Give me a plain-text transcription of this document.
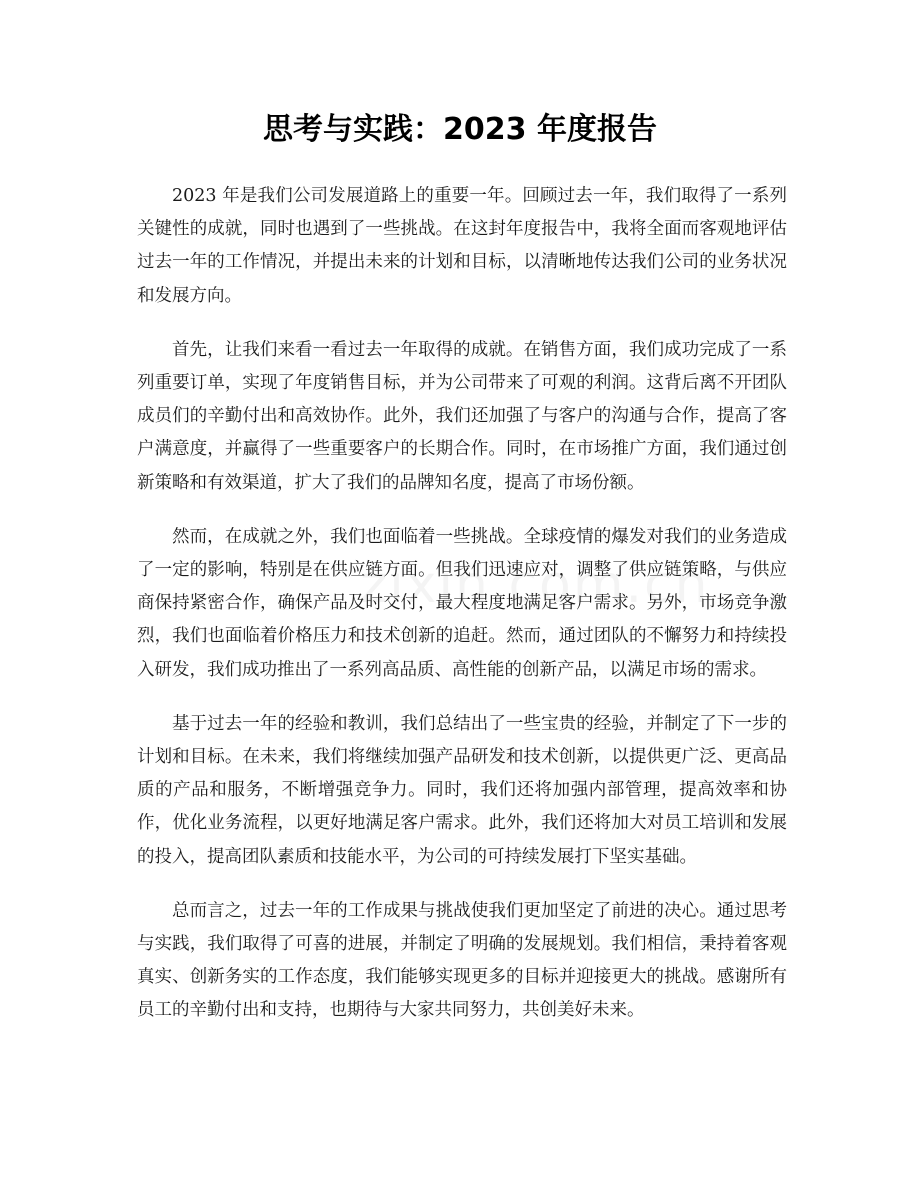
思考与实践：2023 年度报告

2023 年是我们公司发展道路上的重要一年。回顾过去一年，我们取得了一系列关键性的成就，同时也遇到了一些挑战。在这封年度报告中，我将全面而客观地评估过去一年的工作情况，并提出未来的计划和目标，以清晰地传达我们公司的业务状况和发展方向。

首先，让我们来看一看过去一年取得的成就。在销售方面，我们成功完成了一系列重要订单，实现了年度销售目标，并为公司带来了可观的利润。这背后离不开团队成员们的辛勤付出和高效协作。此外，我们还加强了与客户的沟通与合作，提高了客户满意度，并赢得了一些重要客户的长期合作。同时，在市场推广方面，我们通过创新策略和有效渠道，扩大了我们的品牌知名度，提高了市场份额。

然而，在成就之外，我们也面临着一些挑战。全球疫情的爆发对我们的业务造成了一定的影响，特别是在供应链方面。但我们迅速应对，调整了供应链策略，与供应商保持紧密合作，确保产品及时交付，最大程度地满足客户需求。另外，市场竞争激烈，我们也面临着价格压力和技术创新的追赶。然而，通过团队的不懈努力和持续投入研发，我们成功推出了一系列高品质、高性能的创新产品，以满足市场的需求。

基于过去一年的经验和教训，我们总结出了一些宝贵的经验，并制定了下一步的计划和目标。在未来，我们将继续加强产品研发和技术创新，以提供更广泛、更高品质的产品和服务，不断增强竞争力。同时，我们还将加强内部管理，提高效率和协作，优化业务流程，以更好地满足客户需求。此外，我们还将加大对员工培训和发展的投入，提高团队素质和技能水平，为公司的可持续发展打下坚实基础。

总而言之，过去一年的工作成果与挑战使我们更加坚定了前进的决心。通过思考与实践，我们取得了可喜的进展，并制定了明确的发展规划。我们相信，秉持着客观真实、创新务实的工作态度，我们能够实现更多的目标并迎接更大的挑战。感谢所有员工的辛勤付出和支持，也期待与大家共同努力，共创美好未来。
